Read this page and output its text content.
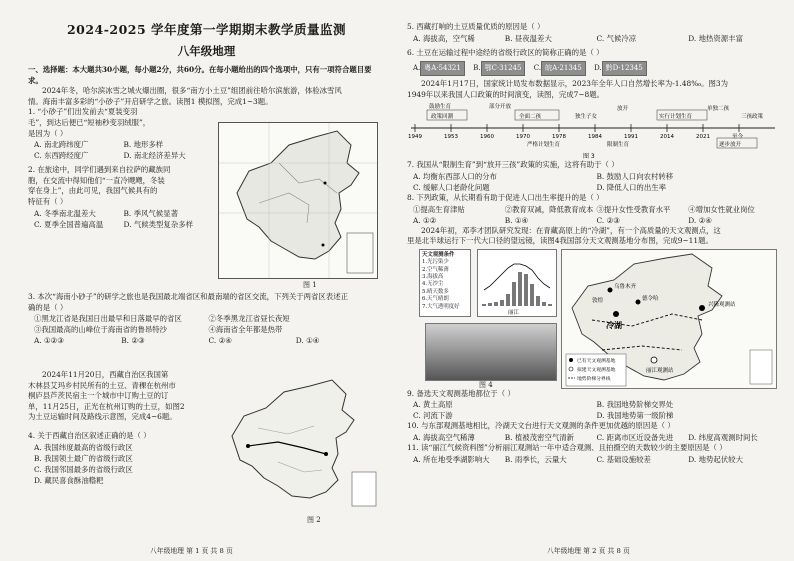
2024-2025 学年度第一学期期末教学质量监测
八年级地理

一、选择题：本大题共30小题，每小题2分，共60分。在每小题给出的四个选项中，只有一项符合题目要求。

2024年冬，哈尔滨冰雪之城火爆出圈，很多“南方小土豆”组团前往哈尔滨旅游，体验冰雪风

情。海南丰富多彩的“小砂子”开启研学之旅。读图1 模拟图，完成1~3题。

1. “小砂子”们出发前去“夏装变羽

毛”，到达后便已“短袖秒变羽绒服”，

是因为（ ）

A. 南北跨纬度广	B. 地形多样
C. 东西跨经度广	D. 南北经济差异大

2. 在旅途中，同学们遇到来自拉萨的藏族同

胞，在交流中得知他们“一直冷飕飕，冬装

穿在身上”，由此可见，我国气候具有的

特征有（ ）

A. 冬季南北温差大	B. 季风气候显著
C. 夏季全国普遍高温	D. 气候类型复杂多样
图 1

3. 本次“海南小砂子”的研学之旅也是我国最北端省区和最南端的省区交流，下列关于两省区表述正

确的是（ ）

①黑龙江省是我国日出最早和日落最早的省区	②冬季黑龙江省昼长夜短
③我国最高的山峰位于海南省的鲁昂特沙	④海南省全年都是热带
A. ①②③	B. ②③	C. ②④	D. ①④

2024年11月20日，西藏自治区我国第

木林县艾玛乡村民所有的土豆、青稞在杭州市

桐庐县芦茨民宿主一个城市中订购土豆的订

单，11月25日，正光在杭州订购的土豆，如图2

为土豆运输时间及路线示意图，完成4~6题。

4. 关于西藏自治区叙述正确的是（ ）

A. 我国纬度最高的省级行政区
B. 我国领土最广的省级行政区
C. 我国邻国最多的省级行政区
D. 藏民喜食酥油糌粑
图 2
八年级地理 第 1 页 共 8 页

5. 西藏打响的土豆质量优质的原因是（ ）

A. 海拔高，空气稀	B. 昼夜温差大	C. 气候冷凉	D. 地热资源丰富

6. 土豆在运输过程中途经的省级行政区的简称正确的是（ ）

A. 粤A·54321 B. 鄂C·31245 C. 皖A·21345 D. 黔D·12345

2024年1月17日，国家统计局发布数据显示，2023年全年人口自然增长率为-1.48‰。图3为

1949年以来我国人口政策的时间演变，读图，完成7~8题。

1949	1953	1960	1970	1978	1984	1991	2014	2021	至今
鼓励生育
政策回潮
部分开放
全面二孩	独生子女
放开
实行计划生育
单独二孩
三孩政策
严格计划生育	限制生育	逐步放开
图 3

7. 我国从“限制生育”到“放开三孩”政策的实施，这将有助于（ ）

A. 均衡东西部人口的分布	B. 鼓励人口向农村转移
C. 缓解人口老龄化问题	D. 降低人口的出生率

8. 下列政策，从长期看有助于促进人口出生率提升的是（ ）

①提高生育津贴	②教育双减，降低教育成本 ③提升女性受教育水平	④增加女性就业岗位
A. ①②	B. ①④	C. ②③	D. ②④

2024年初，邓李才团队研究发现：在青藏高原上的“冷湖”，有一个高质量的天文观测点，这

里是北半球运行下一代大口径的望远镜，读图4我国部分天文观测基地分布图，完成9~11题。

天文观测条件
1.光污染少
2.空气稀薄
3.海拔高
4.无沙尘
5.晴天数多
6.天气晴朗
7.大气透明度好
丽江
图 4
冷湖
丽江观测站
兴隆观测站
德令哈
乌鲁木齐
敦煌
已有天文观测基地
拟建天文观测基地
地势阶梯分界线

9. 备选天文观测基地都位于（ ）

A. 黄土高原	B. 我国地势阶梯交界处
C. 河流下游	D. 我国地势第一级阶梯

10. 与东部观测基地相比，冷湖天文台进行天文观测的条件更加优越的原因是（ ）

A. 海拔高空气稀薄	B. 植被茂密空气清新	C. 距离市区近设备先进	D. 纬度高观测时间长

11. 读“丽江气候资料图”分析丽江观测站一年中适合观测、且拍摄空的天数较少的主要原因是（ ）

A. 所在地受季湖影响大	B. 雨季长，云量大	C. 基础设施较差	D. 地势起伏较大
八年级地理 第 2 页 共 8 页
